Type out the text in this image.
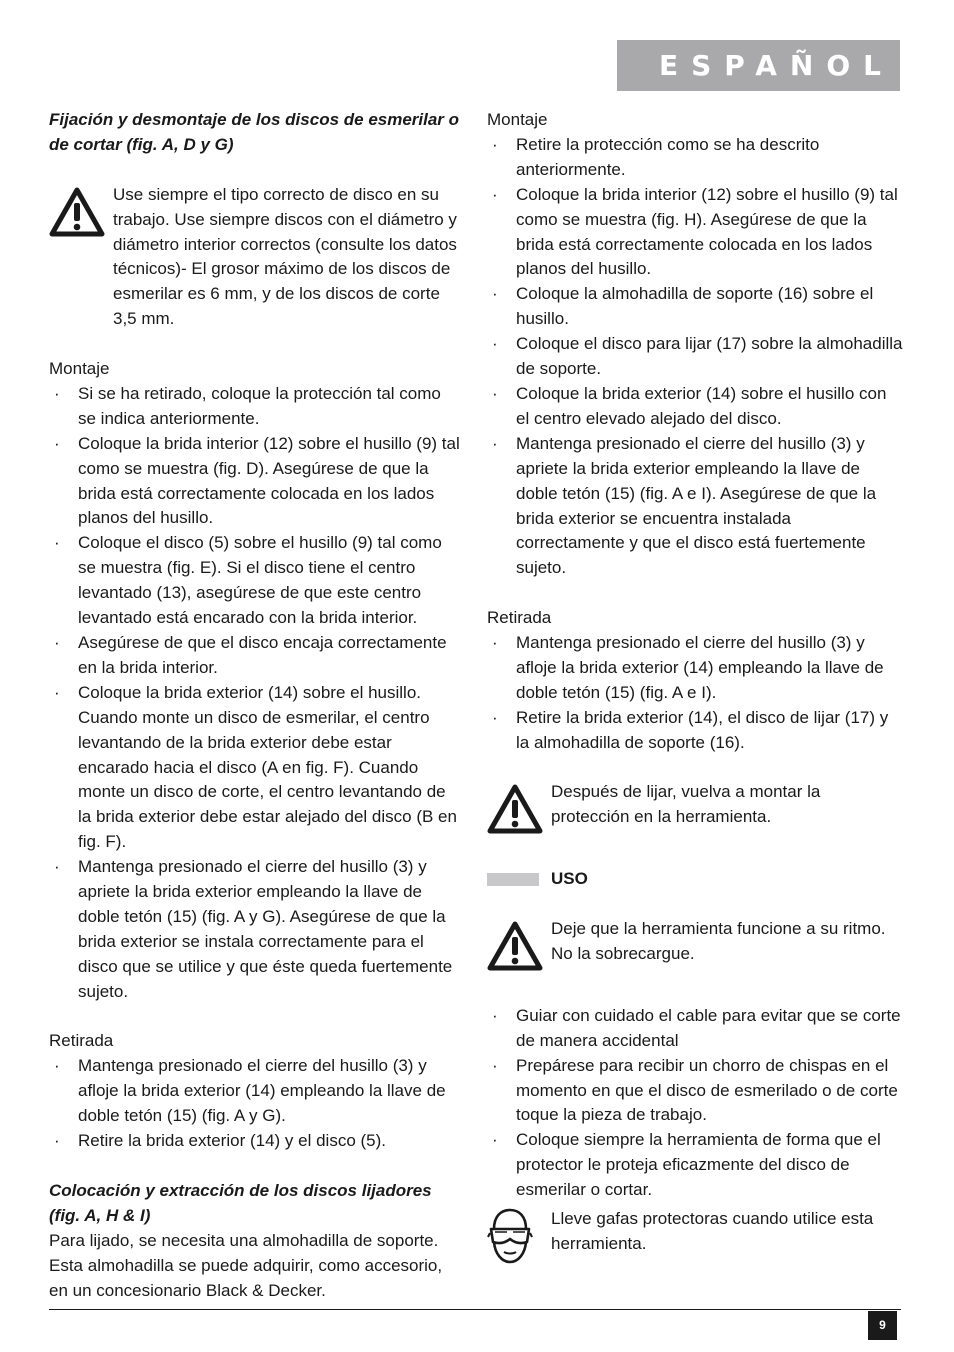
ESPAÑOL

Fijación y desmontaje de los discos de esmerilar o de cortar (fig. A, D y G)

Use siempre el tipo correcto de disco en su trabajo. Use siempre discos con el diámetro y diámetro interior correctos (consulte los datos técnicos)- El grosor máximo de los discos de esmerilar es 6 mm, y de los discos de corte 3,5 mm.

Montaje

· Si se ha retirado, coloque la protección tal como se indica anteriormente.
· Coloque la brida interior (12) sobre el husillo (9) tal como se muestra (fig. D). Asegúrese de que la brida está correctamente colocada en los lados planos del husillo.
· Coloque el disco (5) sobre el husillo (9) tal como se muestra (fig. E). Si el disco tiene el centro levantado (13), asegúrese de que este centro levantado está encarado con la brida interior.
· Asegúrese de que el disco encaja correctamente en la brida interior.
· Coloque la brida exterior (14) sobre el husillo. Cuando monte un disco de esmerilar, el centro levantando de la brida exterior debe estar encarado hacia el disco (A en fig. F). Cuando monte un disco de corte, el centro levantando de la brida exterior debe estar alejado del disco (B en fig. F).
· Mantenga presionado el cierre del husillo (3) y apriete la brida exterior empleando la llave de doble tetón (15) (fig. A y G). Asegúrese de que la brida exterior se instala correctamente para el disco que se utilice y que éste queda fuertemente sujeto.

Retirada

· Mantenga presionado el cierre del husillo (3) y afloje la brida exterior (14) empleando la llave de doble tetón (15) (fig. A y G).
· Retire la brida exterior (14) y el disco (5).

Colocación y extracción de los discos lijadores (fig. A, H & I)

Para lijado, se necesita una almohadilla de soporte. Esta almohadilla se puede adquirir, como accesorio, en un concesionario Black & Decker.

Montaje

· Retire la protección como se ha descrito anteriormente.
· Coloque la brida interior (12) sobre el husillo (9) tal como se muestra (fig. H). Asegúrese de que la brida está correctamente colocada en los lados planos del husillo.
· Coloque la almohadilla de soporte (16) sobre el husillo.
· Coloque el disco para lijar (17) sobre la almohadilla de soporte.
· Coloque la brida exterior (14) sobre el husillo con el centro elevado alejado del disco.
· Mantenga presionado el cierre del husillo (3) y apriete la brida exterior empleando la llave de doble tetón (15) (fig. A e I). Asegúrese de que la brida exterior se encuentra instalada correctamente y que el disco está fuertemente sujeto.

Retirada

· Mantenga presionado el cierre del husillo (3) y afloje la brida exterior (14) empleando la llave de doble tetón (15) (fig. A e I).
· Retire la brida exterior (14), el disco de lijar (17) y la almohadilla de soporte (16).
Después de lijar, vuelva a montar la protección en la herramienta.

USO

Deje que la herramienta funcione a su ritmo. No la sobrecargue.
· Guiar con cuidado el cable para evitar que se corte de manera accidental
· Prepárese para recibir un chorro de chispas en el momento en que el disco de esmerilado o de corte toque la pieza de trabajo.
· Coloque siempre la herramienta de forma que el protector le proteja eficazmente del disco de esmerilar o cortar.
Lleve gafas protectoras cuando utilice esta herramienta.
9
